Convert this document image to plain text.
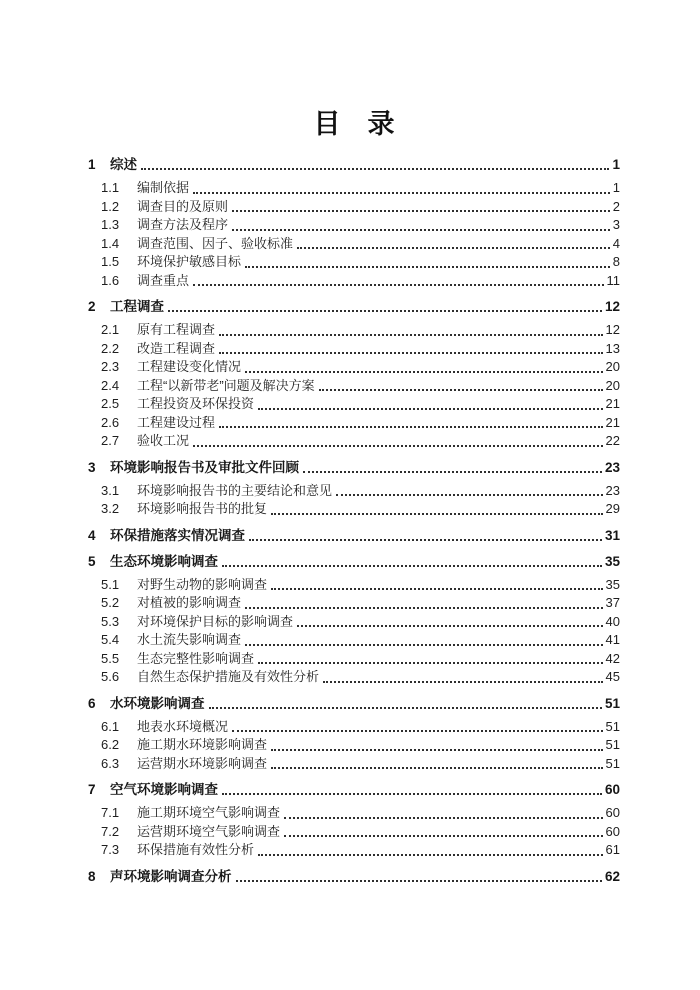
目　录
1	综述	1
1.1	编制依据	1
1.2	调查目的及原则	2
1.3	调查方法及程序	3
1.4	调查范围、因子、验收标准	4
1.5	环境保护敏感目标	8
1.6	调查重点	11
2	工程调查	12
2.1	原有工程调查	12
2.2	改造工程调查	13
2.3	工程建设变化情况	20
2.4	工程“以新带老”问题及解决方案	20
2.5	工程投资及环保投资	21
2.6	工程建设过程	21
2.7	验收工况	22
3	环境影响报告书及审批文件回顾	23
3.1	环境影响报告书的主要结论和意见	23
3.2	环境影响报告书的批复	29
4	环保措施落实情况调查	31
5	生态环境影响调查	35
5.1	对野生动物的影响调查	35
5.2	对植被的影响调查	37
5.3	对环境保护目标的影响调查	40
5.4	水土流失影响调查	41
5.5	生态完整性影响调查	42
5.6	自然生态保护措施及有效性分析	45
6	水环境影响调查	51
6.1	地表水环境概况	51
6.2	施工期水环境影响调查	51
6.3	运营期水环境影响调查	51
7	空气环境影响调查	60
7.1	施工期环境空气影响调查	60
7.2	运营期环境空气影响调查	60
7.3	环保措施有效性分析	61
8	声环境影响调查分析	62
